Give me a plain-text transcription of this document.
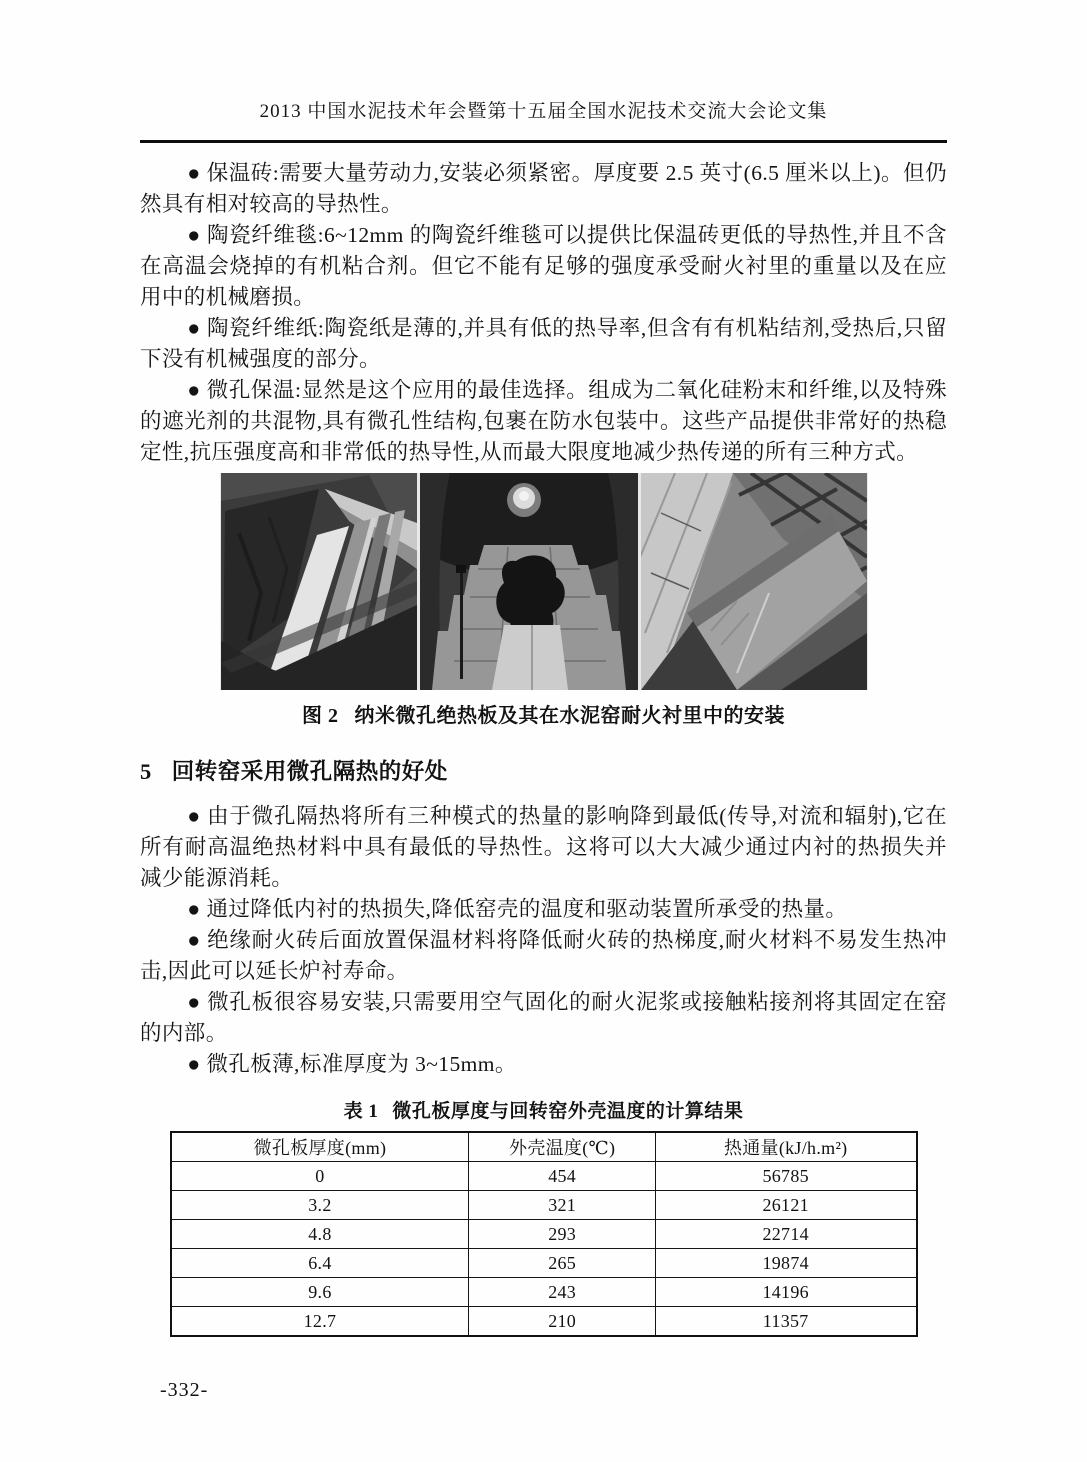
2013 中国水泥技术年会暨第十五届全国水泥技术交流大会论文集

● 保温砖:需要大量劳动力,安装必须紧密。厚度要 2.5 英寸(6.5 厘米以上)。但仍然具有相对较高的导热性。

● 陶瓷纤维毯:6~12mm 的陶瓷纤维毯可以提供比保温砖更低的导热性,并且不含在高温会烧掉的有机粘合剂。但它不能有足够的强度承受耐火衬里的重量以及在应用中的机械磨损。

● 陶瓷纤维纸:陶瓷纸是薄的,并具有低的热导率,但含有有机粘结剂,受热后,只留下没有机械强度的部分。

● 微孔保温:显然是这个应用的最佳选择。组成为二氧化硅粉末和纤维,以及特殊的遮光剂的共混物,具有微孔性结构,包裹在防水包装中。这些产品提供非常好的热稳定性,抗压强度高和非常低的热导性,从而最大限度地减少热传递的所有三种方式。

图 2 纳米微孔绝热板及其在水泥窑耐火衬里中的安装
5 回转窑采用微孔隔热的好处

● 由于微孔隔热将所有三种模式的热量的影响降到最低(传导,对流和辐射),它在所有耐高温绝热材料中具有最低的导热性。这将可以大大减少通过内衬的热损失并减少能源消耗。

● 通过降低内衬的热损失,降低窑壳的温度和驱动装置所承受的热量。

● 绝缘耐火砖后面放置保温材料将降低耐火砖的热梯度,耐火材料不易发生热冲击,因此可以延长炉衬寿命。

● 微孔板很容易安装,只需要用空气固化的耐火泥浆或接触粘接剂将其固定在窑的内部。

● 微孔板薄,标准厚度为 3~15mm。

表 1 微孔板厚度与回转窑外壳温度的计算结果
微孔板厚度(mm)	外壳温度(℃)	热通量(kJ/h.m²)
0	454	56785
3.2	321	26121
4.8	293	22714
6.4	265	19874
9.6	243	14196
12.7	210	11357
-332-
